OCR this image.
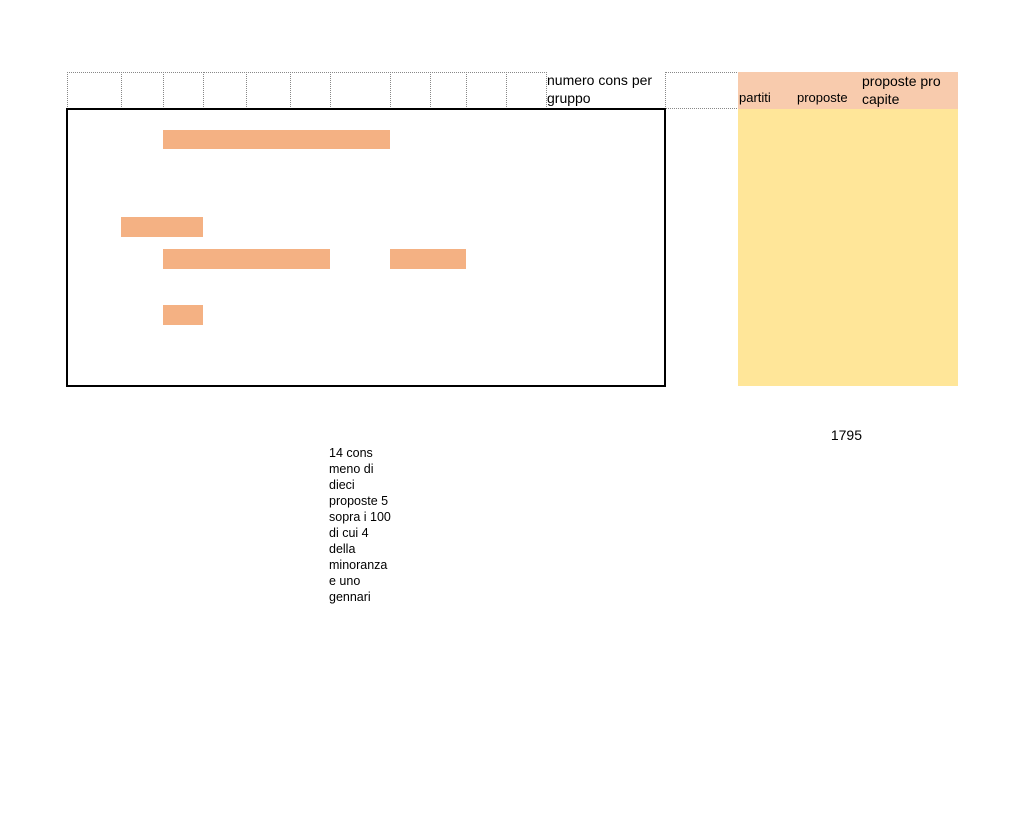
numero cons per gruppo	partiti proposte
proposte pro capite
1795
14 cons meno di dieci proposte 5 sopra i 100 di cui 4 della minoranza e uno gennari
